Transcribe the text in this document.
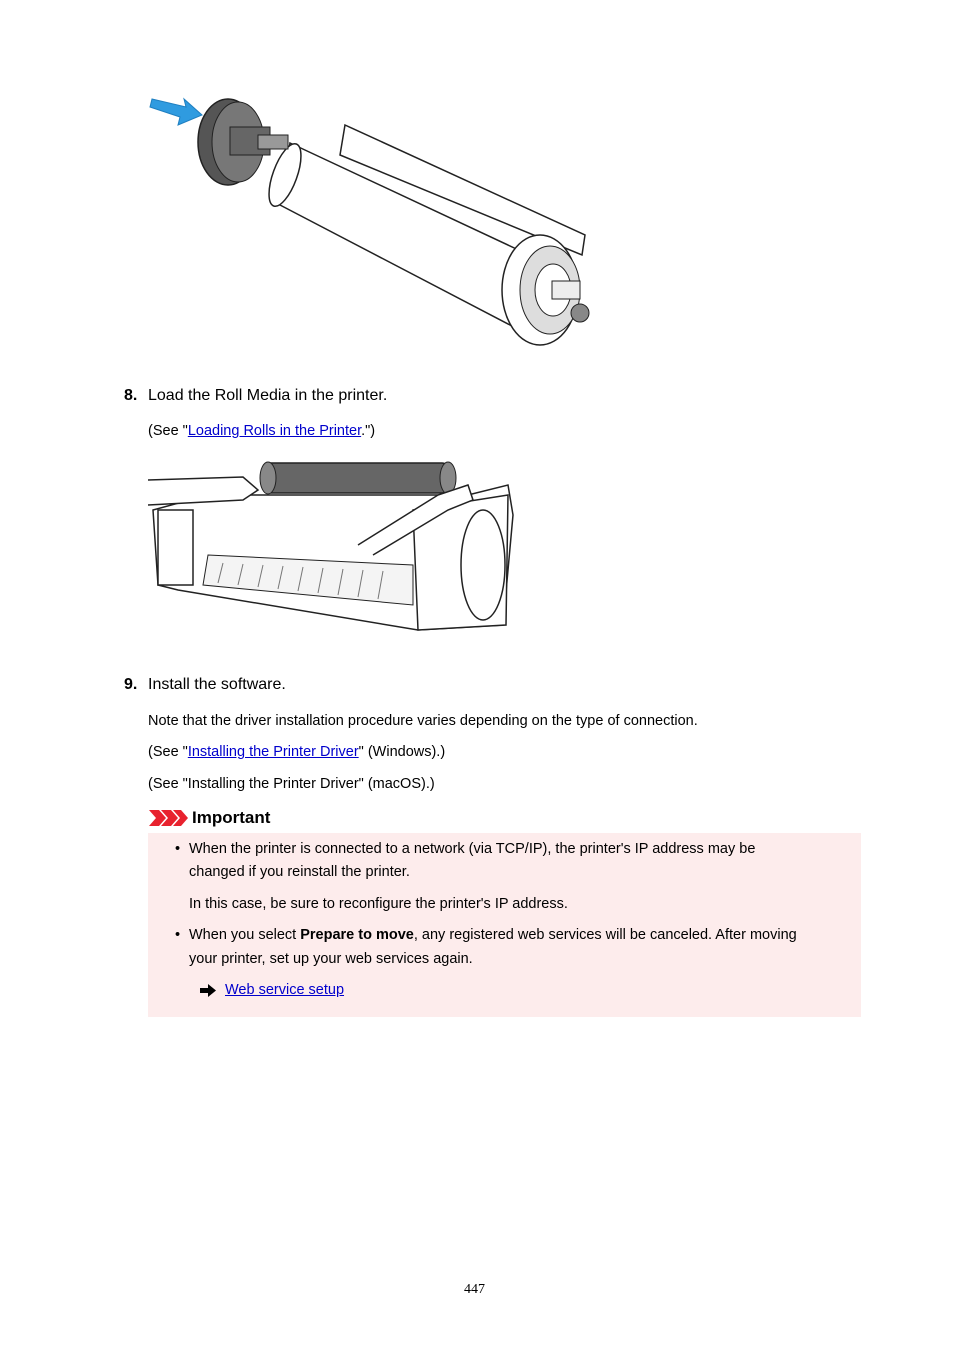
8. Load the Roll Media in the printer.
(See "Loading Rolls in the Printer.")
9. Install the software.
Note that the driver installation procedure varies depending on the type of connection.
(See "Installing the Printer Driver" (Windows).)
(See "Installing the Printer Driver" (macOS).)
Important
• When the printer is connected to a network (via TCP/IP), the printer's IP address may be
changed if you reinstall the printer.
In this case, be sure to reconfigure the printer's IP address.
• When you select Prepare to move, any registered web services will be canceled. After moving
your printer, set up your web services again.
Web service setup
447
